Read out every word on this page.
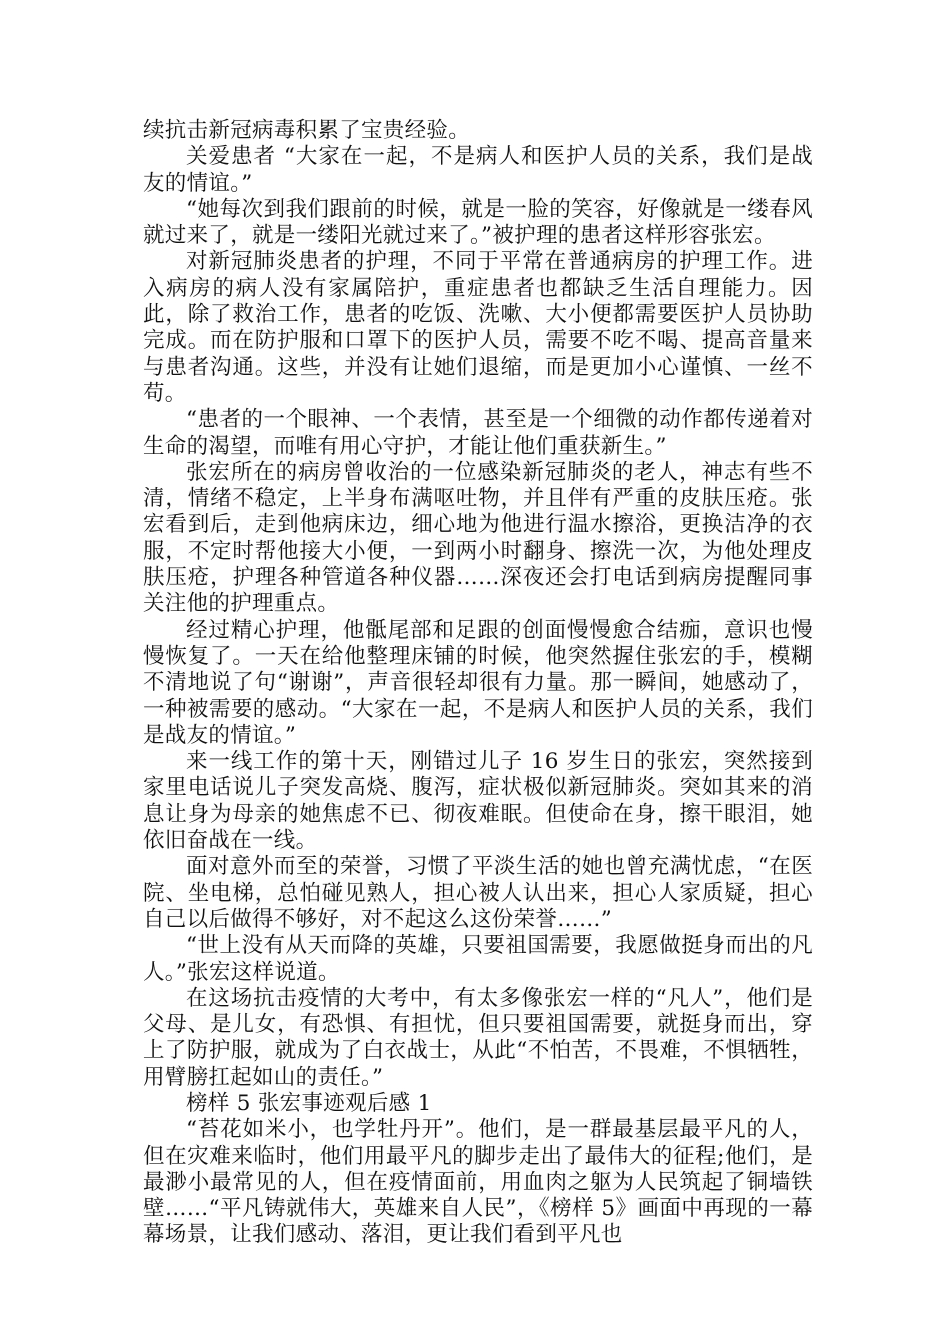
续抗击新冠病毒积累了宝贵经验。

关爱患者 “大家在一起，不是病人和医护人员的关系，我们是战友的情谊。”

“她每次到我们跟前的时候，就是一脸的笑容，好像就是一缕春风就过来了，就是一缕阳光就过来了。”被护理的患者这样形容张宏。

对新冠肺炎患者的护理，不同于平常在普通病房的护理工作。进入病房的病人没有家属陪护，重症患者也都缺乏生活自理能力。因此，除了救治工作，患者的吃饭、洗嗽、大小便都需要医护人员协助完成。而在防护服和口罩下的医护人员，需要不吃不喝、提高音量来与患者沟通。这些，并没有让她们退缩，而是更加小心谨慎、一丝不苟。

“患者的一个眼神、一个表情，甚至是一个细微的动作都传递着对生命的渴望，而唯有用心守护，才能让他们重获新生。”

张宏所在的病房曾收治的一位感染新冠肺炎的老人，神志有些不清，情绪不稳定，上半身布满呕吐物，并且伴有严重的皮肤压疮。张宏看到后，走到他病床边，细心地为他进行温水擦浴，更换洁净的衣服，不定时帮他接大小便，一到两小时翻身、擦洗一次，为他处理皮肤压疮，护理各种管道各种仪器……深夜还会打电话到病房提醒同事关注他的护理重点。

经过精心护理，他骶尾部和足跟的创面慢慢愈合结痂，意识也慢慢恢复了。一天在给他整理床铺的时候，他突然握住张宏的手，模糊不清地说了句“谢谢”，声音很轻却很有力量。那一瞬间，她感动了，一种被需要的感动。“大家在一起，不是病人和医护人员的关系，我们是战友的情谊。”

来一线工作的第十天，刚错过儿子 16 岁生日的张宏，突然接到家里电话说儿子突发高烧、腹泻，症状极似新冠肺炎。突如其来的消息让身为母亲的她焦虑不已、彻夜难眠。但使命在身，擦干眼泪，她依旧奋战在一线。

面对意外而至的荣誉，习惯了平淡生活的她也曾充满忧虑，“在医院、坐电梯，总怕碰见熟人，担心被人认出来，担心人家质疑，担心自己以后做得不够好，对不起这么这份荣誉……”

“世上没有从天而降的英雄，只要祖国需要，我愿做挺身而出的凡人。”张宏这样说道。

在这场抗击疫情的大考中，有太多像张宏一样的“凡人”，他们是父母、是儿女，有恐惧、有担忧，但只要祖国需要，就挺身而出，穿上了防护服，就成为了白衣战士，从此“不怕苦，不畏难，不惧牺牲，用臂膀扛起如山的责任。”

榜样 5 张宏事迹观后感 1

“苔花如米小，也学牡丹开”。他们，是一群最基层最平凡的人，但在灾难来临时，他们用最平凡的脚步走出了最伟大的征程;他们，是最渺小最常见的人，但在疫情面前，用血肉之躯为人民筑起了铜墙铁壁……“平凡铸就伟大，英雄来自人民”，《榜样 5》画面中再现的一幕幕场景，让我们感动、落泪，更让我们看到平凡也
